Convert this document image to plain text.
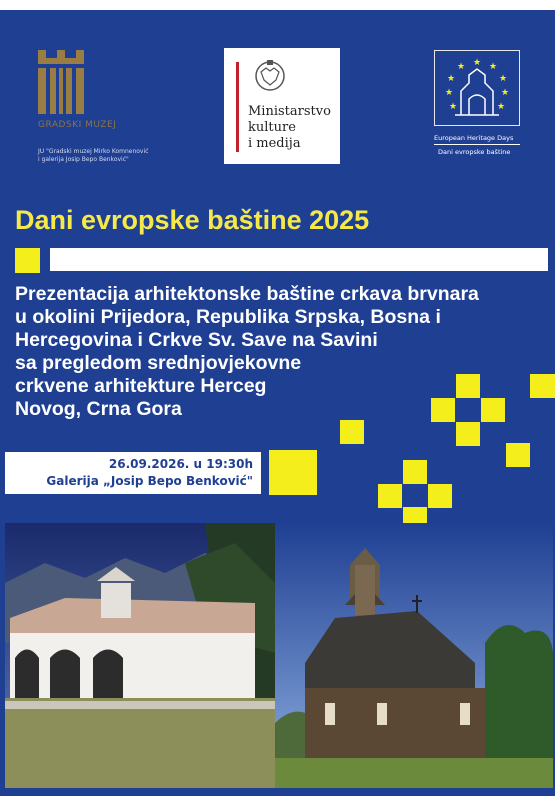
GRADSKI MUZEJ
JU "Gradski muzej Mirko Komnenović
i galerija Josip Bepo Benković"
Ministarstvo
kulture
i medija
★ ★
★
★
★
★
★
★
★
European Heritage Days
Dani evropske baštine
Dani evropske baštine 2025
Prezentacija arhitektonske baštine crkava brvnara
u okolini Prijedora, Republika Srpska, Bosna i
Hercegovina i Crkve Sv. Save na Savini
sa pregledom srednjovjekovne
crkvene arhitekture Herceg
Novog, Crna Gora
26.09.2026. u 19:30h
Galerija „Josip Bepo Benković"
